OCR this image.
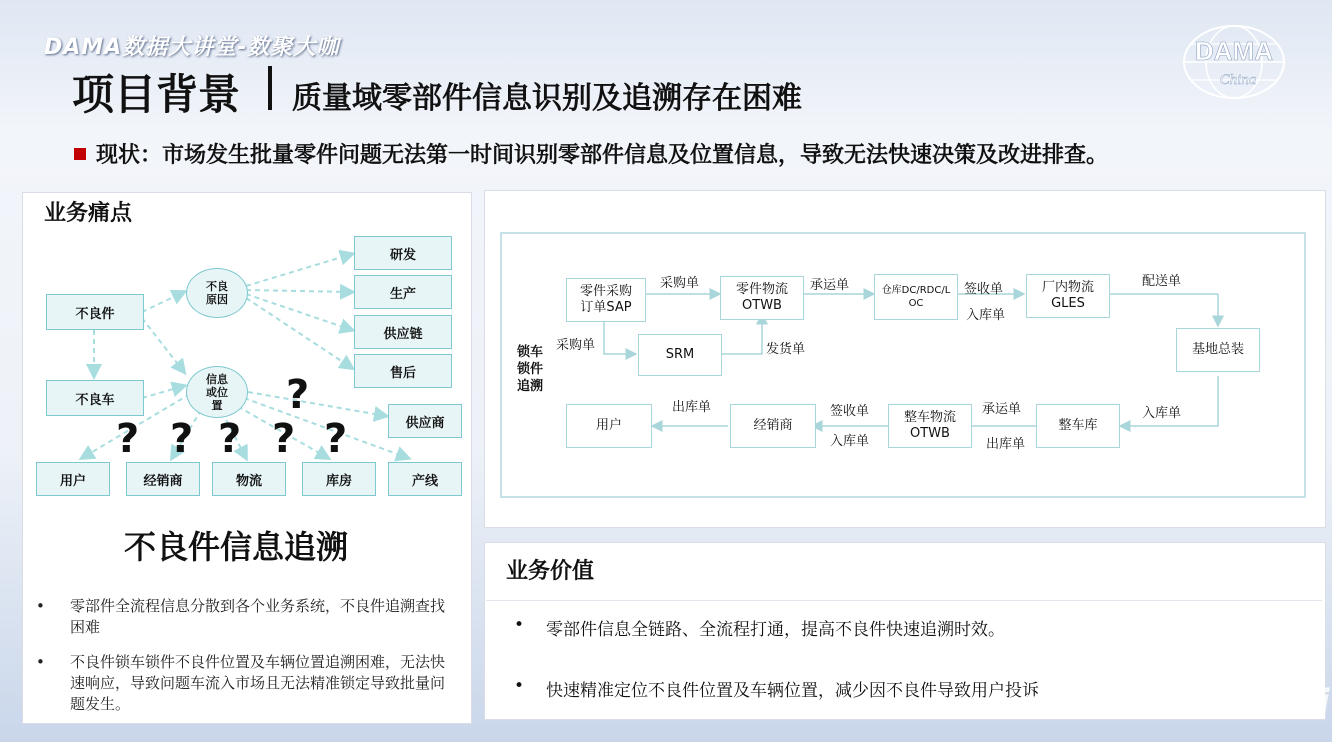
DAMA数据大讲堂-数聚大咖
项目背景 质量域零部件信息识别及追溯存在困难
DAMA
China
现状：市场发生批量零件问题无法第一时间识别零部件信息及位置信息，导致无法快速决策及改进排查。
业务痛点
不良件
不良车
不良原因
信息或位置
研发
生产
供应链
售后
供应商
用户	经销商	物流	库房	产线
?
? ? ? ? ?
不良件信息追溯
• 零部件全流程信息分散到各个业务系统，不良件追溯查找困难
• 不良件锁车锁件不良件位置及车辆位置追溯困难，无法快速响应，导致问题车流入市场且无法精准锁定导致批量问题发生。
零件采购订单SAP
零件物流OTWB
仓库DC/RDC/LOC
厂内物流GLES
SRM	基地总装
用户	经销商
整车物流OTWB
整车库
锁车锁件追溯
采购单
采购单
承运单	签收单
入库单
配送单
发货单
入库单
承运单
出库单
签收单
入库单
出库单
业务价值
• 零部件信息全链路、全流程打通，提高不良件快速追溯时效。
• 快速精准定位不良件位置及车辆位置，减少因不良件导致用户投诉
DataModeling bilibili
